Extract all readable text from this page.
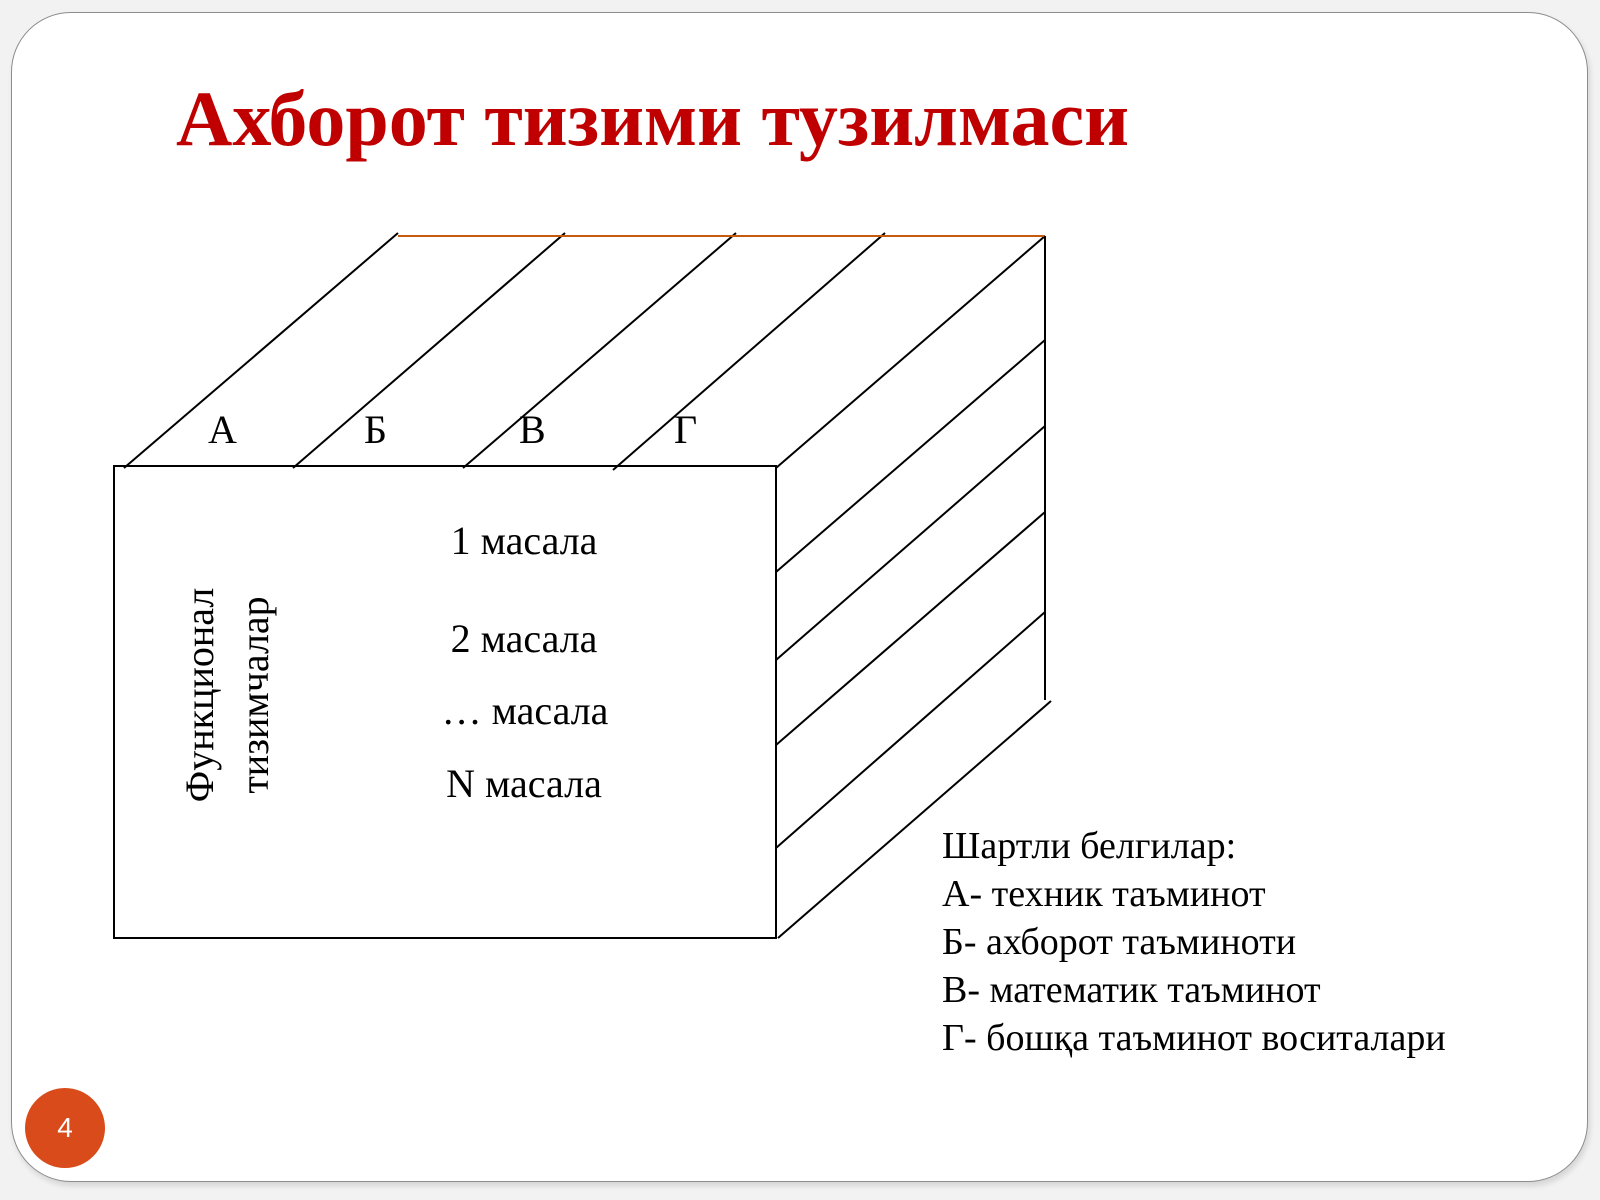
Ахборот тизими тузилмаси
А	Б	В	Г
Функционал тизимчалар
1 масала
2 масала
… масала
N масала
Шартли белгилар:
А- техник таъминот
Б- ахборот таъминоти
В- математик таъминот
Г- бошқа таъминот воситалари
4
